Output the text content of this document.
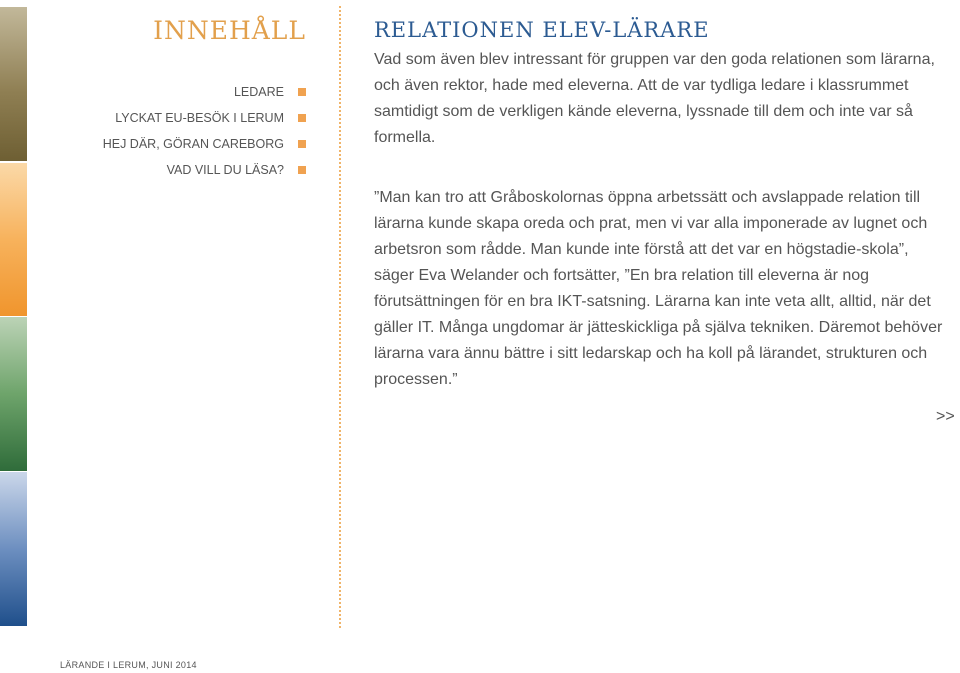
INNEHÅLL
LEDARE
LYCKAT EU-BESÖK I LERUM
HEJ DÄR, GÖRAN CAREBORG
VAD VILL DU LÄSA?
RELATIONEN ELEV-LÄRARE

Vad som även blev intressant för gruppen var den goda relationen som lärarna, och även rektor, hade med eleverna. Att de var tydliga ledare i klassrummet samtidigt som de verkligen kände eleverna, lyssnade till dem och inte var så formella.

”Man kan tro att Gråboskolornas öppna arbetssätt och avslappade relation till lärarna kunde skapa oreda och prat, men vi var alla imponerade av lugnet och arbetsron som rådde. Man kunde inte förstå att det var en högstadie-skola”, säger Eva Welander och fortsätter, ”En bra relation till eleverna är nog förutsättningen för en bra IKT-satsning. Lärarna kan inte veta allt, alltid, när det gäller IT. Många ungdomar är jätteskickliga på själva tekniken. Däremot behöver lärarna vara ännu bättre i sitt ledarskap och ha koll på lärandet, strukturen och processen.”

>>
LÄRANDE I LERUM, JUNI 2014
